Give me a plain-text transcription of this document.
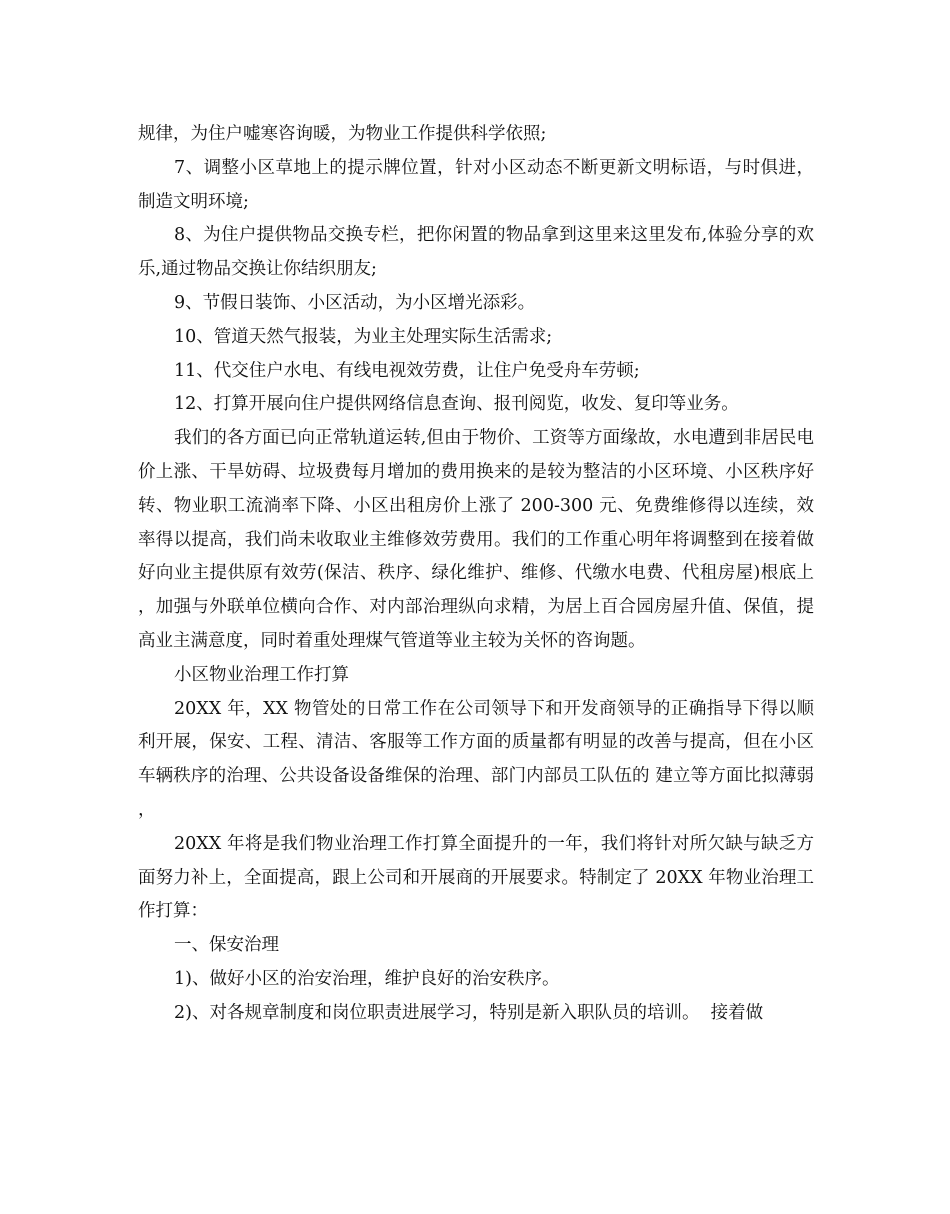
规律，为住户嘘寒咨询暖，为物业工作提供科学依照;

7、调整小区草地上的提示牌位置，针对小区动态不断更新文明标语，与时俱进，制造文明环境;

8、为住户提供物品交换专栏，把你闲置的物品拿到这里来这里发布,体验分享的欢乐,通过物品交换让你结织朋友;

9、节假日装饰、小区活动，为小区增光添彩。

10、管道天然气报装，为业主处理实际生活需求;

11、代交住户水电、有线电视效劳费，让住户免受舟车劳顿;

12、打算开展向住户提供网络信息查询、报刊阅览，收发、复印等业务。

我们的各方面已向正常轨道运转,但由于物价、工资等方面缘故，水电遭到非居民电价上涨、干旱妨碍、垃圾费每月增加的费用换来的是较为整洁的小区环境、小区秩序好转、物业职工流淌率下降、小区出租房价上涨了 200-300 元、免费维修得以连续，效率得以提高，我们尚未收取业主维修效劳费用。我们的工作重心明年将调整到在接着做好向业主提供原有效劳(保洁、秩序、绿化维护、维修、代缴水电费、代租房屋)根底上，加强与外联单位横向合作、对内部治理纵向求精，为居上百合园房屋升值、保值，提高业主满意度，同时着重处理煤气管道等业主较为关怀的咨询题。

小区物业治理工作打算

20XX 年，XX 物管处的日常工作在公司领导下和开发商领导的正确指导下得以顺利开展，保安、工程、清洁、客服等工作方面的质量都有明显的改善与提高，但在小区车辆秩序的治理、公共设备设备维保的治理、部门内部员工队伍的 建立等方面比拟薄弱，

20XX 年将是我们物业治理工作打算全面提升的一年，我们将针对所欠缺与缺乏方面努力补上，全面提高，跟上公司和开展商的开展要求。特制定了 20XX 年物业治理工作打算：

一、保安治理

1)、做好小区的治安治理，维护良好的治安秩序。

2)、对各规章制度和岗位职责进展学习，特别是新入职队员的培训。  接着做
